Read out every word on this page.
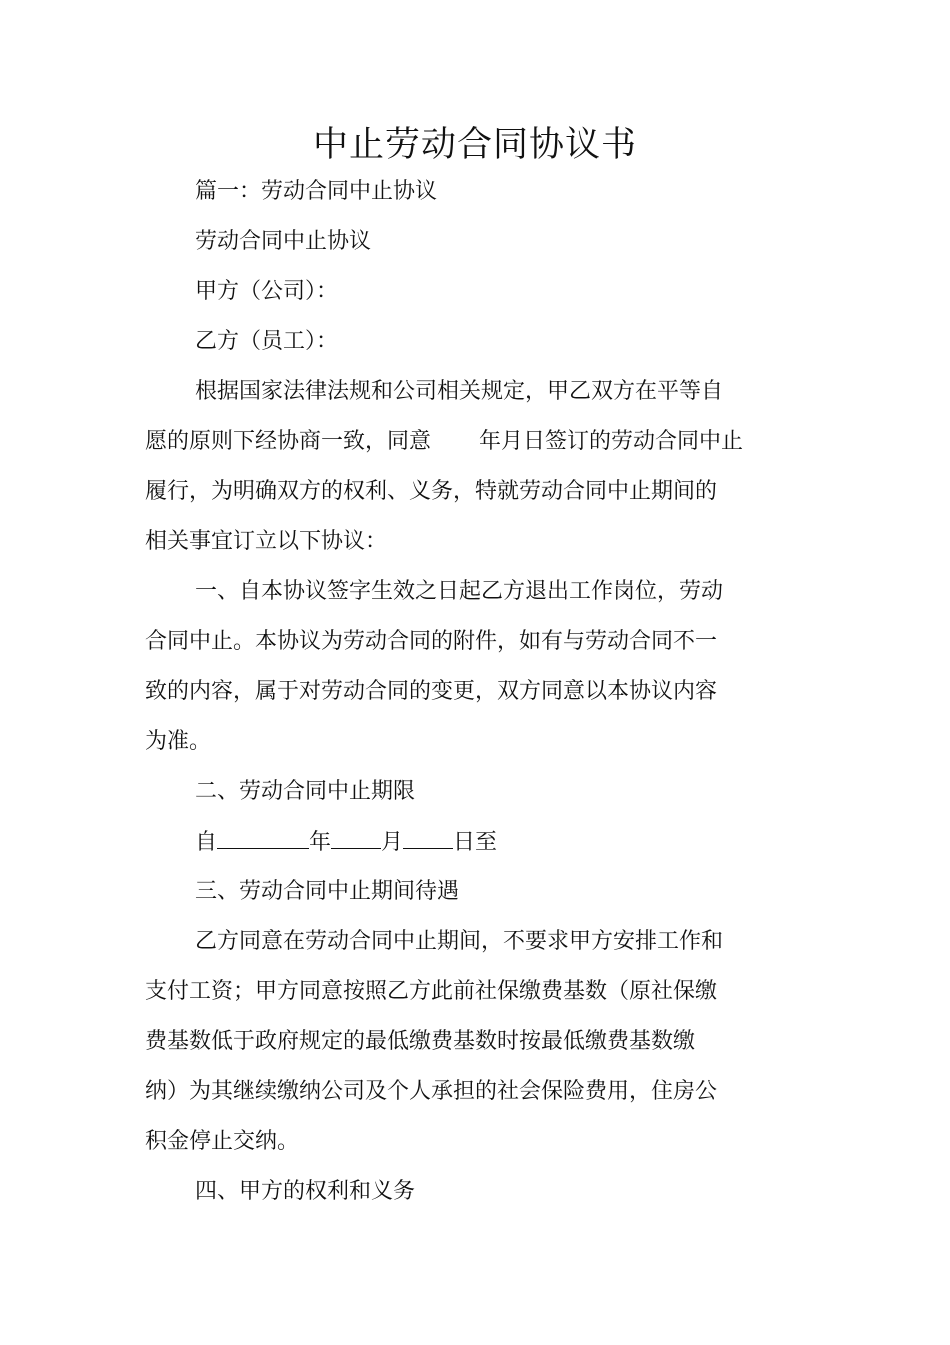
中止劳动合同协议书
篇一：劳动合同中止协议
劳动合同中止协议
甲方（公司）：
乙方（员工）：
根据国家法律法规和公司相关规定，甲乙双方在平等自
愿的原则下经协商一致，同意 年月日签订的劳动合同中止
履行，为明确双方的权利、义务，特就劳动合同中止期间的
相关事宜订立以下协议：
一、自本协议签字生效之日起乙方退出工作岗位，劳动
合同中止。本协议为劳动合同的附件，如有与劳动合同不一
致的内容，属于对劳动合同的变更，双方同意以本协议内容
为准。
二、劳动合同中止期限
自	年 月 日至
三、劳动合同中止期间待遇
乙方同意在劳动合同中止期间，不要求甲方安排工作和
支付工资；甲方同意按照乙方此前社保缴费基数（原社保缴
费基数低于政府规定的最低缴费基数时按最低缴费基数缴
纳）为其继续缴纳公司及个人承担的社会保险费用，住房公
积金停止交纳。
四、甲方的权利和义务
